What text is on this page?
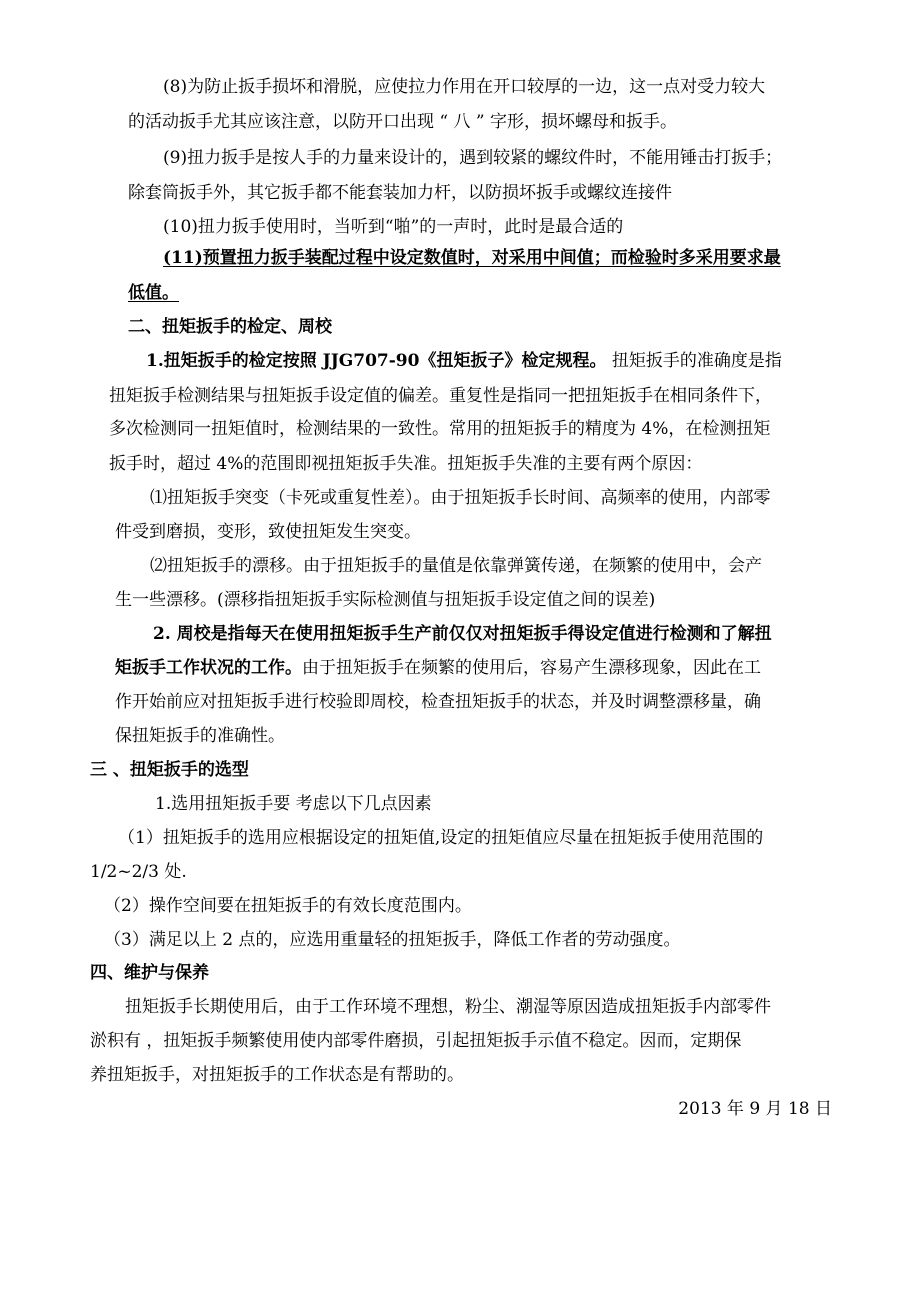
(8)为防止扳手损坏和滑脱，应使拉力作用在开口较厚的一边，这一点对受力较大
的活动扳手尤其应该注意，以防开口出现 “ 八 ” 字形，损坏螺母和扳手。
(9)扭力扳手是按人手的力量来设计的，遇到较紧的螺纹件时，不能用锤击打扳手；
除套筒扳手外，其它扳手都不能套装加力杆，以防损坏扳手或螺纹连接件
(10)扭力扳手使用时，当听到“啪”的一声时，此时是最合适的
(11)预置扭力扳手装配过程中设定数值时，对采用中间值；而检验时多采用要求最
低值。
二、扭矩扳手的检定、周校
1.扭矩扳手的检定按照 JJG707-90《扭矩扳子》检定规程。 扭矩扳手的准确度是指
扭矩扳手检测结果与扭矩扳手设定值的偏差。重复性是指同一把扭矩扳手在相同条件下，
多次检测同一扭矩值时，检测结果的一致性。常用的扭矩扳手的精度为 4%，在检测扭矩
扳手时，超过 4%的范围即视扭矩扳手失准。扭矩扳手失准的主要有两个原因：
⑴扭矩扳手突变（卡死或重复性差）。由于扭矩扳手长时间、高频率的使用，内部零
件受到磨损，变形，致使扭矩发生突变。
⑵扭矩扳手的漂移。由于扭矩扳手的量值是依靠弹簧传递，在频繁的使用中，会产
生一些漂移。(漂移指扭矩扳手实际检测值与扭矩扳手设定值之间的误差)
2. 周校是指每天在使用扭矩扳手生产前仅仅对扭矩扳手得设定值进行检测和了解扭
矩扳手工作状况的工作。由于扭矩扳手在频繁的使用后，容易产生漂移现象，因此在工
作开始前应对扭矩扳手进行校验即周校，检查扭矩扳手的状态，并及时调整漂移量，确
保扭矩扳手的准确性。
三 、扭矩扳手的选型
1.选用扭矩扳手要 考虑以下几点因素
（1）扭矩扳手的选用应根据设定的扭矩值,设定的扭矩值应尽量在扭矩扳手使用范围的
1/2~2/3 处.
（2）操作空间要在扭矩扳手的有效长度范围内。
（3）满足以上 2 点的，应选用重量轻的扭矩扳手，降低工作者的劳动强度。
四、维护与保养
扭矩扳手长期使用后，由于工作环境不理想，粉尘、潮湿等原因造成扭矩扳手内部零件
淤积有 ，扭矩扳手频繁使用使内部零件磨损，引起扭矩扳手示值不稳定。因而，定期保
养扭矩扳手，对扭矩扳手的工作状态是有帮助的。
2013 年 9 月 18 日
